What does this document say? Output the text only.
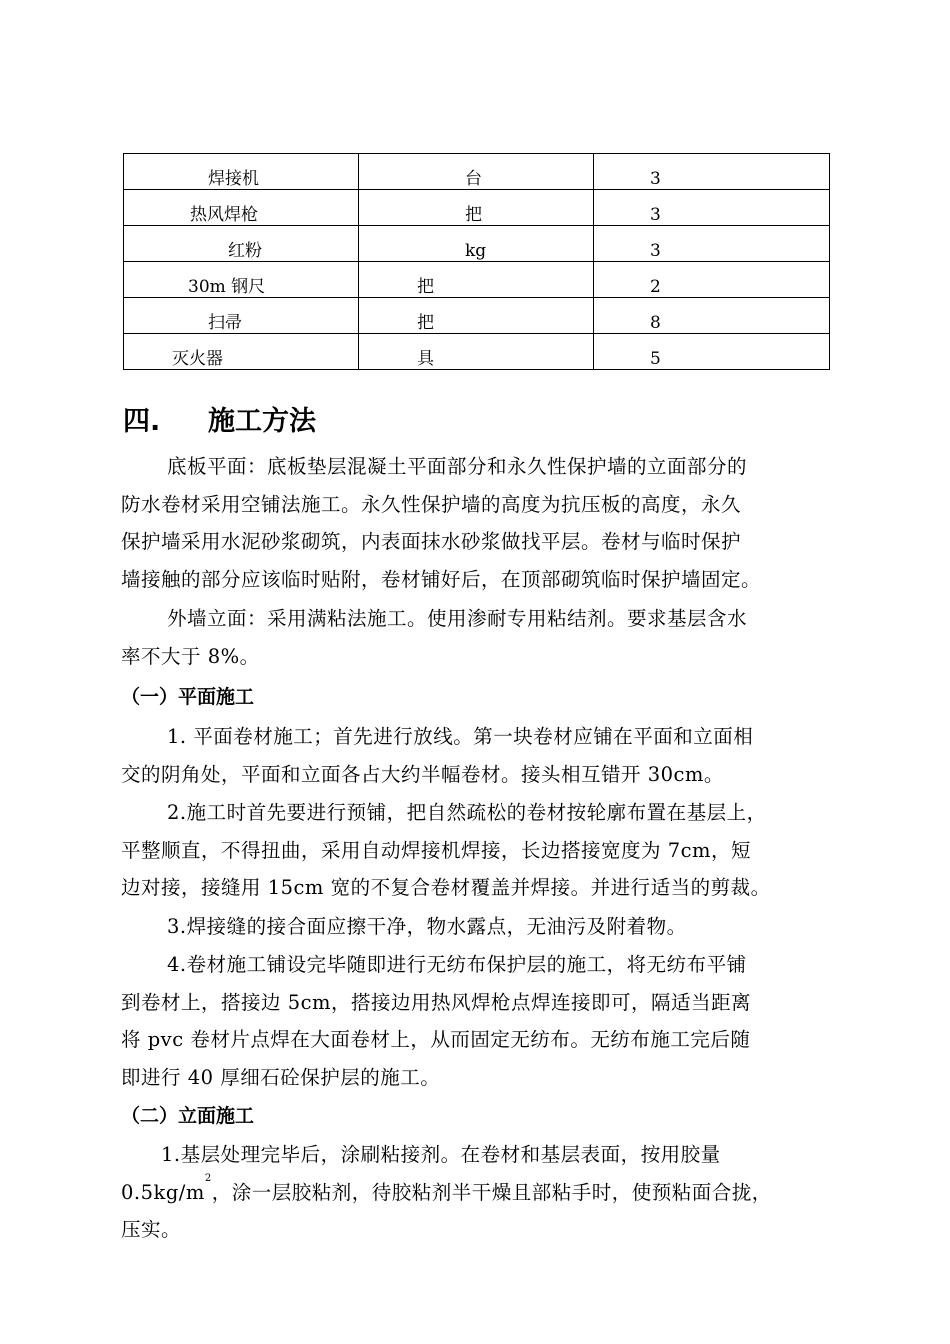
焊接机	台	3
热风焊枪	把	3
红粉	kg	3
30m 钢尺	把	2
扫帚	把	8
灭火器	具	5
四. 施工方法
底板平面：底板垫层混凝土平面部分和永久性保护墙的立面部分的
防水卷材采用空铺法施工。永久性保护墙的高度为抗压板的高度，永久
保护墙采用水泥砂浆砌筑，内表面抹水砂浆做找平层。卷材与临时保护
墙接触的部分应该临时贴附，卷材铺好后，在顶部砌筑临时保护墙固定。
外墙立面：采用满粘法施工。使用渗耐专用粘结剂。要求基层含水
率不大于 8%。
（一）平面施工
1. 平面卷材施工；首先进行放线。第一块卷材应铺在平面和立面相
交的阴角处，平面和立面各占大约半幅卷材。接头相互错开 30cm。
2.施工时首先要进行预铺，把自然疏松的卷材按轮廓布置在基层上，
平整顺直，不得扭曲，采用自动焊接机焊接，长边搭接宽度为 7cm，短
边对接，接缝用 15cm 宽的不复合卷材覆盖并焊接。并进行适当的剪裁。
3.焊接缝的接合面应擦干净，物水露点，无油污及附着物。
4.卷材施工铺设完毕随即进行无纺布保护层的施工，将无纺布平铺
到卷材上，搭接边 5cm，搭接边用热风焊枪点焊连接即可，隔适当距离
将 pvc 卷材片点焊在大面卷材上，从而固定无纺布。无纺布施工完后随
即进行 40 厚细石砼保护层的施工。
（二）立面施工
1.基层处理完毕后，涂刷粘接剂。在卷材和基层表面，按用胶量
$0.5kg/m^2$，涂一层胶粘剂，待胶粘剂半干燥且部粘手时，使预粘面合拢，
压实。
